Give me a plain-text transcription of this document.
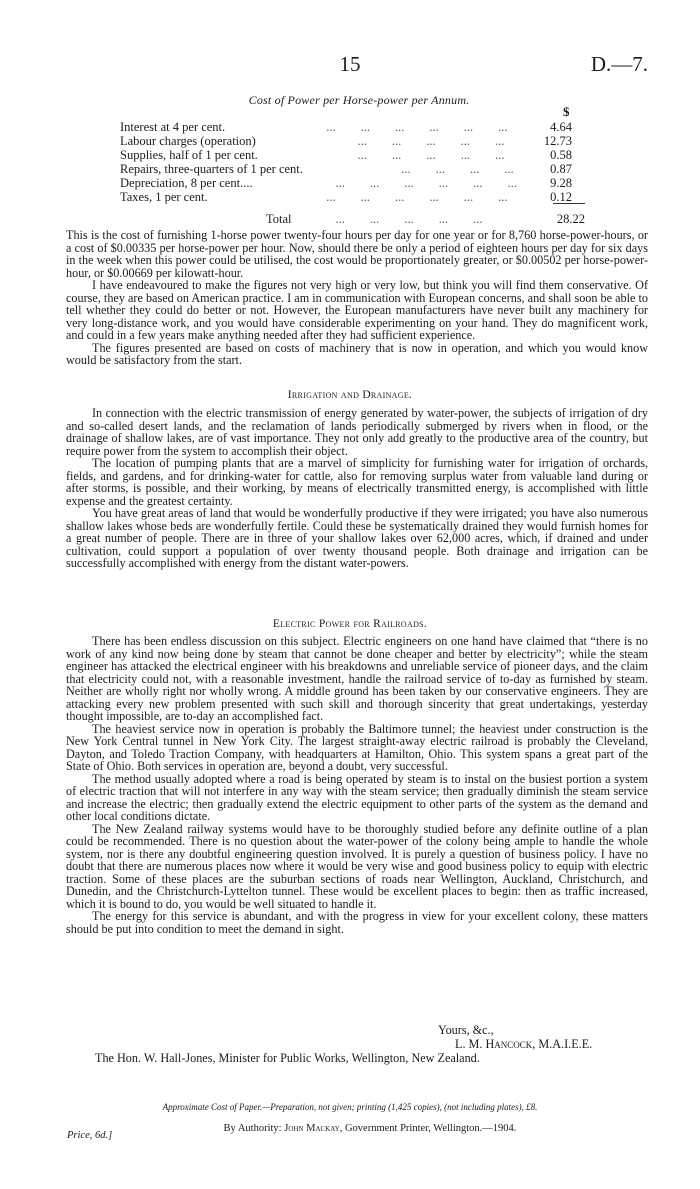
15	D.—7.
Cost of Power per Horse-power per Annum.
$
Interest at 4 per cent.	...        ...        ...        ...        ...        ...	4.64
Labour charges (operation)	...        ...        ...        ...        ...	12.73
Supplies, half of 1 per cent.	...        ...        ...        ...        ...	0.58
Repairs, three-quarters of 1 per cent. ...        ...        ...        ...	0.87
Depreciation, 8 per cent....	...        ...        ...        ...        ...        ...	9.28
Taxes, 1 per cent.	...        ...        ...        ...        ...        ...	0.12
Total ...        ...        ...        ...        ...	28.22

This is the cost of furnishing 1-horse power twenty-four hours per day for one year or for 8,760 horse-power-hours, or a cost of $0.00335 per horse-power per hour. Now, should there be only a period of eighteen hours per day for six days in the week when this power could be utilised, the cost would be proportionately greater, or $0.00502 per horse-power-hour, or $0.00669 per kilowatt-hour.

I have endeavoured to make the figures not very high or very low, but think you will find them conservative. Of course, they are based on American practice. I am in communication with European concerns, and shall soon be able to tell whether they could do better or not. However, the European manufacturers have never built any machinery for very long-distance work, and you would have considerable experimenting on your hand. They do magnificent work, and could in a few years make anything needed after they had sufficient experience.

The figures presented are based on costs of machinery that is now in operation, and which you would know would be satisfactory from the start.

Irrigation and Drainage.

In connection with the electric transmission of energy generated by water-power, the subjects of irrigation of dry and so-called desert lands, and the reclamation of lands periodically submerged by rivers when in flood, or the drainage of shallow lakes, are of vast importance. They not only add greatly to the productive area of the country, but require power from the system to accomplish their object.

The location of pumping plants that are a marvel of simplicity for furnishing water for irrigation of orchards, fields, and gardens, and for drinking-water for cattle, also for removing surplus water from valuable land during or after storms, is possible, and their working, by means of electrically transmitted energy, is accomplished with little expense and the greatest certainty.

You have great areas of land that would be wonderfully productive if they were irrigated; you have also numerous shallow lakes whose beds are wonderfully fertile. Could these be systematically drained they would furnish homes for a great number of people. There are in three of your shallow lakes over 62,000 acres, which, if drained and under cultivation, could support a population of over twenty thousand people. Both drainage and irrigation can be successfully accomplished with energy from the distant water-powers.

Electric Power for Railroads.

There has been endless discussion on this subject. Electric engineers on one hand have claimed that “there is no work of any kind now being done by steam that cannot be done cheaper and better by electricity”; while the steam engineer has attacked the electrical engineer with his breakdowns and unreliable service of pioneer days, and the claim that electricity could not, with a reasonable investment, handle the railroad service of to-day as furnished by steam. Neither are wholly right nor wholly wrong. A middle ground has been taken by our conservative engineers. They are attacking every new problem presented with such skill and thorough sincerity that great undertakings, yesterday thought impossible, are to-day an accomplished fact.

The heaviest service now in operation is probably the Baltimore tunnel; the heaviest under construction is the New York Central tunnel in New York City. The largest straight-away electric railroad is probably the Cleveland, Dayton, and Toledo Traction Company, with headquarters at Hamilton, Ohio. This system spans a great part of the State of Ohio. Both services in operation are, beyond a doubt, very successful.

The method usually adopted where a road is being operated by steam is to instal on the busiest portion a system of electric traction that will not interfere in any way with the steam service; then gradually diminish the steam service and increase the electric; then gradually extend the electric equipment to other parts of the system as the demand and other local conditions dictate.

The New Zealand railway systems would have to be thoroughly studied before any definite outline of a plan could be recommended. There is no question about the water-power of the colony being ample to handle the whole system, nor is there any doubtful engineering question involved. It is purely a question of business policy. I have no doubt that there are numerous places now where it would be very wise and good business policy to equip with electric traction. Some of these places are the suburban sections of roads near Wellington, Auckland, Christchurch, and Dunedin, and the Christchurch-Lyttelton tunnel. These would be excellent places to begin: then as traffic increased, which it is bound to do, you would be well situated to handle it.

The energy for this service is abundant, and with the progress in view for your excellent colony, these matters should be put into condition to meet the demand in sight.

Yours, &c.,
L. M. Hancock, M.A.I.E.E.
The Hon. W. Hall-Jones, Minister for Public Works, Wellington, New Zealand.
Approximate Cost of Paper.—Preparation, not given; printing (1,425 copies), (not including plates), £8.
By Authority: John Mackay, Government Printer, Wellington.—1904.
Price, 6d.]
